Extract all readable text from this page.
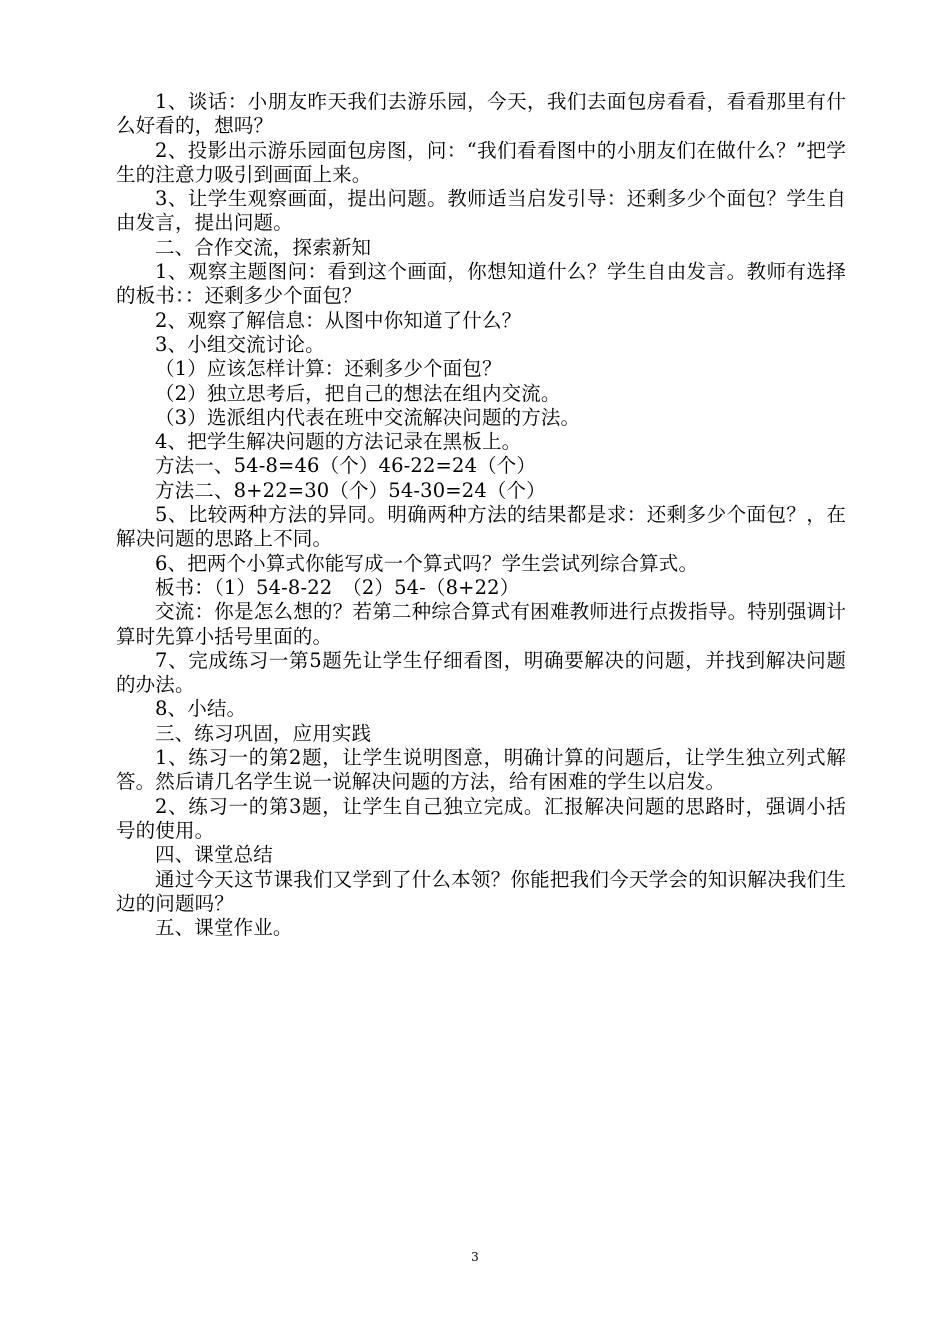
1、谈话：小朋友昨天我们去游乐园，今天，我们去面包房看看，看看那里有什么好看的，想吗？

2、投影出示游乐园面包房图，问：“我们看看图中的小朋友们在做什么？”把学生的注意力吸引到画面上来。

3、让学生观察画面，提出问题。教师适当启发引导：还剩多少个面包？学生自由发言，提出问题。

二、合作交流，探索新知

1、观察主题图问：看到这个画面，你想知道什么？学生自由发言。教师有选择的板书：：还剩多少个面包？

2、观察了解信息：从图中你知道了什么？

3、小组交流讨论。

（1）应该怎样计算：还剩多少个面包？

（2）独立思考后，把自己的想法在组内交流。

（3）选派组内代表在班中交流解决问题的方法。

4、把学生解决问题的方法记录在黑板上。

方法一、54-8=46（个）46-22=24（个）

方法二、8+22=30（个）54-30=24（个）

5、比较两种方法的异同。明确两种方法的结果都是求：还剩多少个面包？，在解决问题的思路上不同。

6、把两个小算式你能写成一个算式吗？学生尝试列综合算式。

板书：（1）54-8-22　（2）54-（8+22）

交流：你是怎么想的？若第二种综合算式有困难教师进行点拨指导。特别强调计算时先算小括号里面的。

7、完成练习一第5题先让学生仔细看图，明确要解决的问题，并找到解决问题的办法。

8、小结。

三、练习巩固，应用实践

1、练习一的第2题，让学生说明图意，明确计算的问题后，让学生独立列式解答。然后请几名学生说一说解决问题的方法，给有困难的学生以启发。

2、练习一的第3题，让学生自己独立完成。汇报解决问题的思路时，强调小括号的使用。

四、课堂总结

通过今天这节课我们又学到了什么本领？你能把我们今天学会的知识解决我们生边的问题吗？

五、课堂作业。

3
